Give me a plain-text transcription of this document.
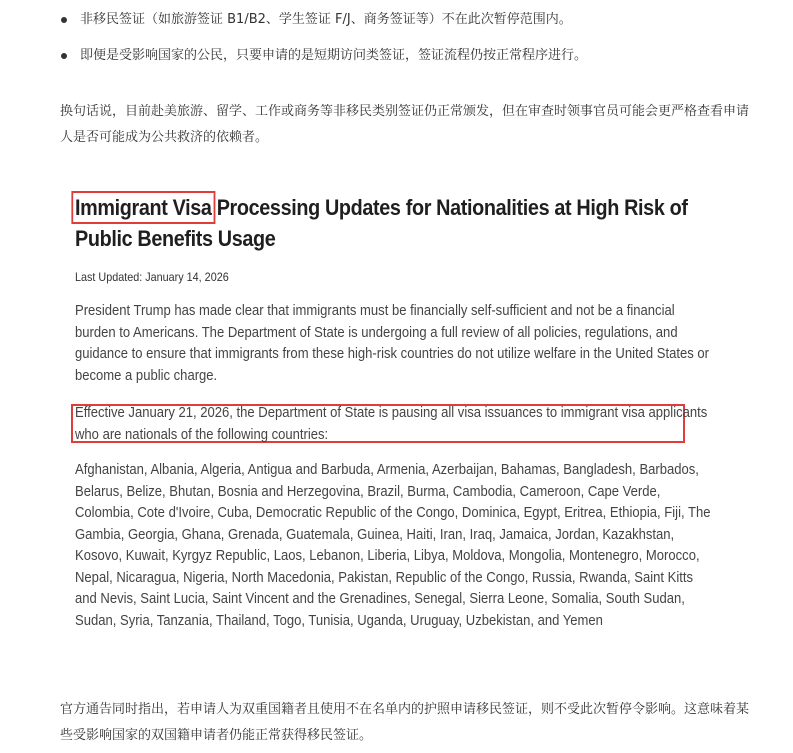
非移民签证（如旅游签证 B1/B2、学生签证 F/J、商务签证等）不在此次暂停范围内。
即便是受影响国家的公民，只要申请的是短期访问类签证，签证流程仍按正常程序进行。

换句话说，目前赴美旅游、留学、工作或商务等非移民类别签证仍正常颁发，但在审查时领事官员可能会更严格查看申请人是否可能成为公共救济的依赖者。

Immigrant Visa Processing Updates for Nationalities at High Risk of Public Benefits Usage
Last Updated: January 14, 2026

President Trump has made clear that immigrants must be financially self-sufficient and not be a financial burden to Americans. The Department of State is undergoing a full review of all policies, regulations, and guidance to ensure that immigrants from these high-risk countries do not utilize welfare in the United States or become a public charge.

Effective January 21, 2026, the Department of State is pausing all visa issuances to immigrant visa applicants who are nationals of the following countries:

Afghanistan, Albania, Algeria, Antigua and Barbuda, Armenia, Azerbaijan, Bahamas, Bangladesh, Barbados, Belarus, Belize, Bhutan, Bosnia and Herzegovina, Brazil, Burma, Cambodia, Cameroon, Cape Verde, Colombia, Cote d'Ivoire, Cuba, Democratic Republic of the Congo, Dominica, Egypt, Eritrea, Ethiopia, Fiji, The Gambia, Georgia, Ghana, Grenada, Guatemala, Guinea, Haiti, Iran, Iraq, Jamaica, Jordan, Kazakhstan, Kosovo, Kuwait, Kyrgyz Republic, Laos, Lebanon, Liberia, Libya, Moldova, Mongolia, Montenegro, Morocco, Nepal, Nicaragua, Nigeria, North Macedonia, Pakistan, Republic of the Congo, Russia, Rwanda, Saint Kitts and Nevis, Saint Lucia, Saint Vincent and the Grenadines, Senegal, Sierra Leone, Somalia, South Sudan, Sudan, Syria, Tanzania, Thailand, Togo, Tunisia, Uganda, Uruguay, Uzbekistan, and Yemen

官方通告同时指出，若申请人为双重国籍者且使用不在名单内的护照申请移民签证，则不受此次暂停令影响。这意味着某些受影响国家的双国籍申请者仍能正常获得移民签证。
